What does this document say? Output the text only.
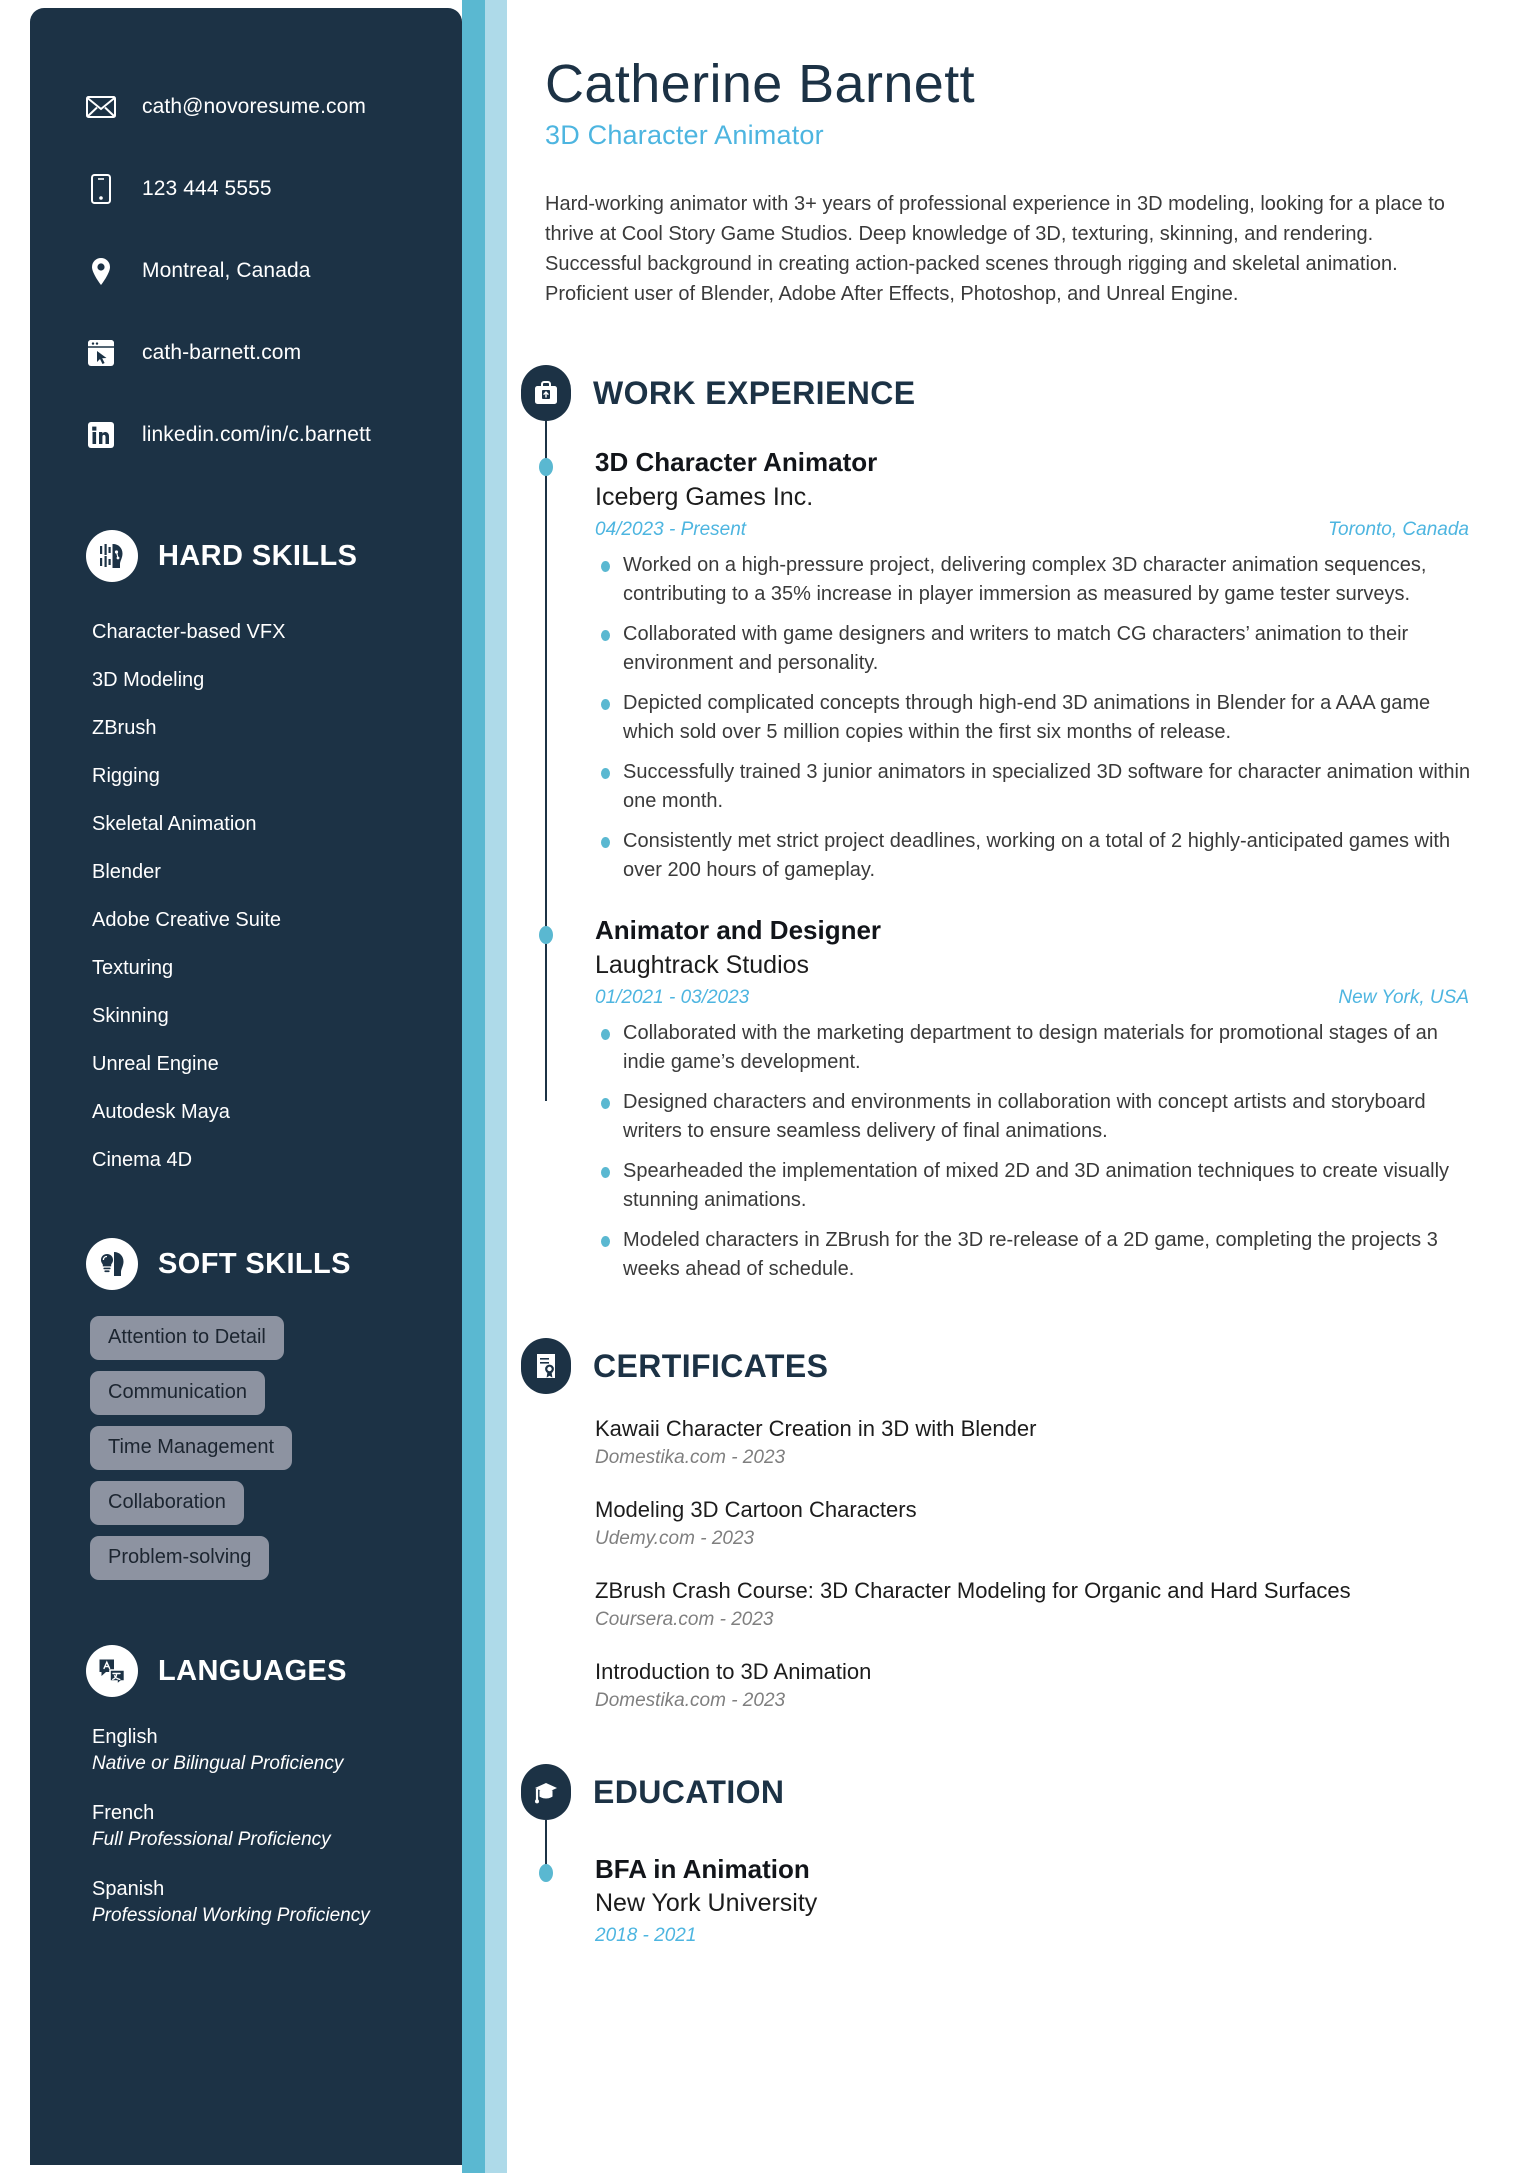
cath@novoresume.com
123 444 5555
Montreal, Canada
cath-barnett.com
linkedin.com/in/c.barnett
HARD SKILLS
Character-based VFX
3D Modeling
ZBrush
Rigging
Skeletal Animation
Blender
Adobe Creative Suite
Texturing
Skinning
Unreal Engine
Autodesk Maya
Cinema 4D
SOFT SKILLS
Attention to Detail
Communication
Time Management
Collaboration
Problem-solving
LANGUAGES
English
Native or Bilingual Proficiency
French
Full Professional Proficiency
Spanish
Professional Working Proficiency
Catherine Barnett
3D Character Animator

Hard-working animator with 3+ years of professional experience in 3D modeling, looking for a place to thrive at Cool Story Game Studios. Deep knowledge of 3D, texturing, skinning, and rendering. Successful background in creating action-packed scenes through rigging and skeletal animation. Proficient user of Blender, Adobe After Effects, Photoshop, and Unreal Engine.

WORK EXPERIENCE
3D Character Animator
Iceberg Games Inc.
04/2023 - Present	Toronto, Canada
Worked on a high-pressure project, delivering complex 3D character animation sequences, contributing to a 35% increase in player immersion as measured by game tester surveys.
Collaborated with game designers and writers to match CG characters’ animation to their environment and personality.
Depicted complicated concepts through high-end 3D animations in Blender for a AAA game which sold over 5 million copies within the first six months of release.
Successfully trained 3 junior animators in specialized 3D software for character animation within one month.
Consistently met strict project deadlines, working on a total of 2 highly-anticipated games with over 200 hours of gameplay.
Animator and Designer
Laughtrack Studios
01/2021 - 03/2023	New York, USA
Collaborated with the marketing department to design materials for promotional stages of an indie game’s development.
Designed characters and environments in collaboration with concept artists and storyboard writers to ensure seamless delivery of final animations.
Spearheaded the implementation of mixed 2D and 3D animation techniques to create visually stunning animations.
Modeled characters in ZBrush for the 3D re-release of a 2D game, completing the projects 3 weeks ahead of schedule.
CERTIFICATES
Kawaii Character Creation in 3D with Blender
Domestika.com - 2023
Modeling 3D Cartoon Characters
Udemy.com - 2023
ZBrush Crash Course: 3D Character Modeling for Organic and Hard Surfaces
Coursera.com - 2023
Introduction to 3D Animation
Domestika.com - 2023
EDUCATION
BFA in Animation
New York University
2018 - 2021
